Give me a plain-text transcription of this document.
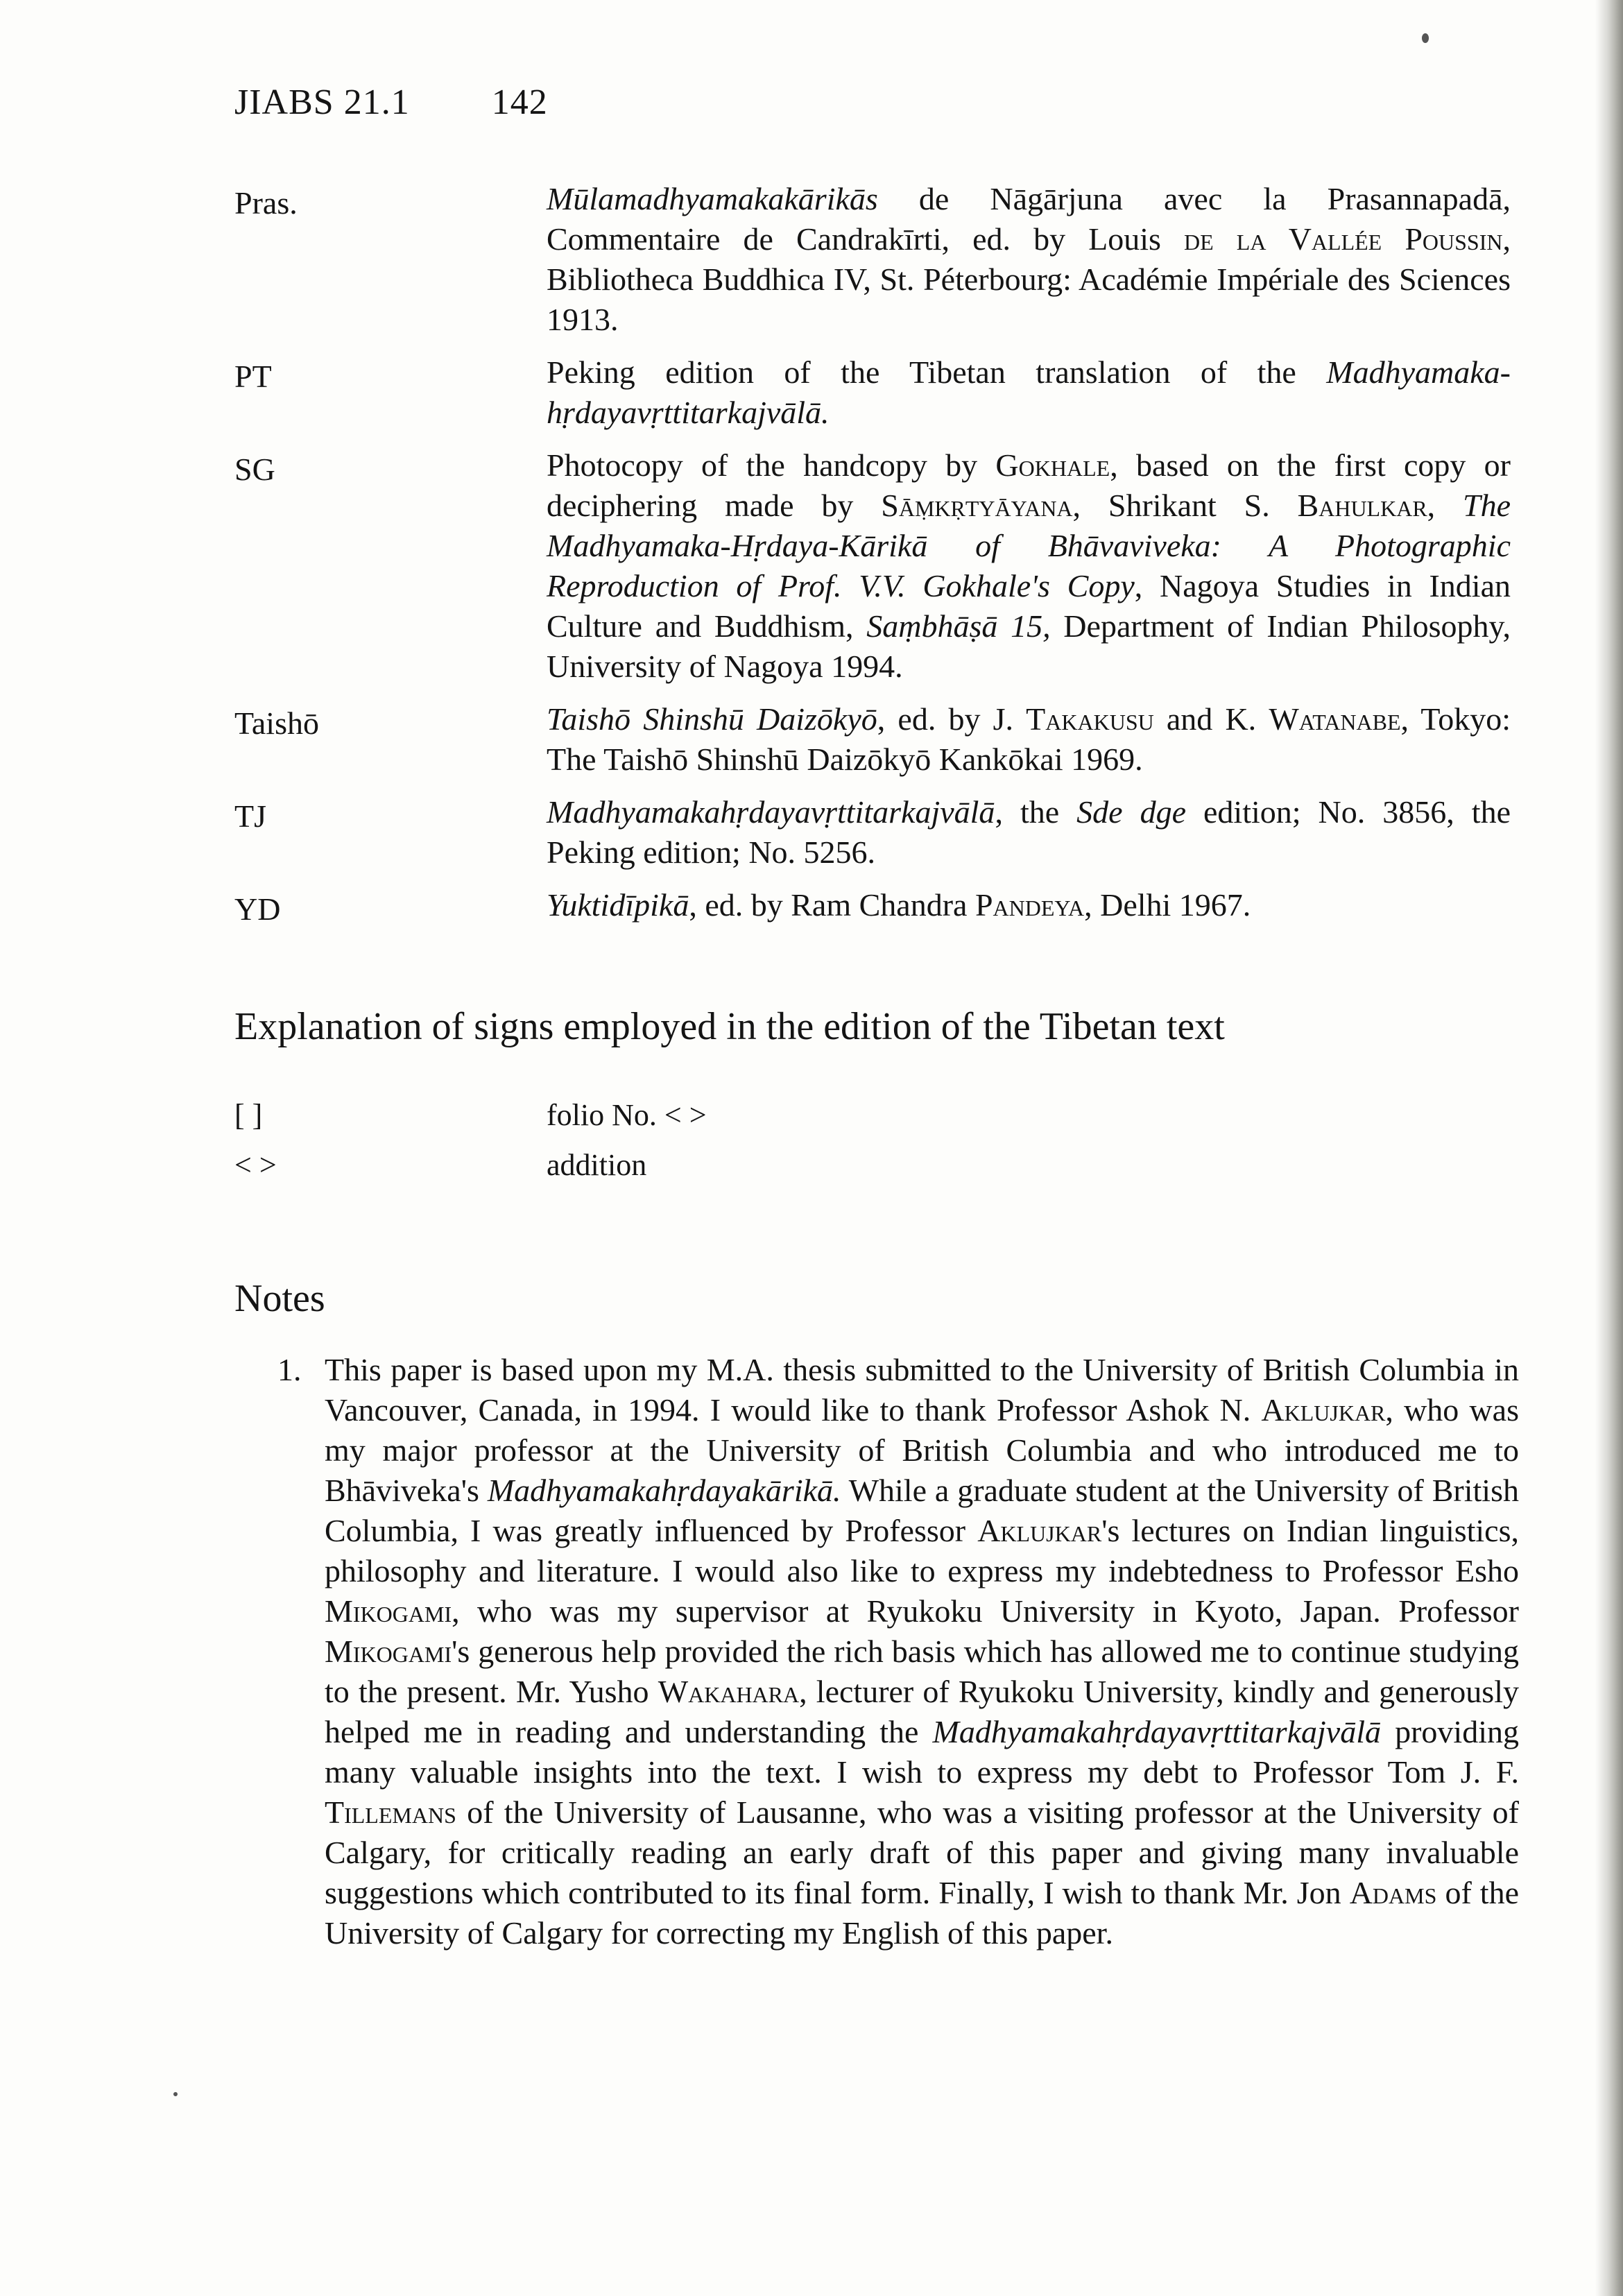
JIABS 21.1 142
Pras.	Mūlamadhyamakakārikās de Nāgārjuna avec la Prasannapadā, Commentaire de Candrakīrti, ed. by Louis de la Vallée Poussin, Bibliotheca Buddhica IV, St. Péterbourg: Académie Impériale des Sciences 1913.
PT	Peking edition of the Tibetan translation of the Madhyamaka-hṛdayavṛttitarkajvālā.
SG	Photocopy of the handcopy by Gokhale, based on the first copy or deciphering made by Sāṃkṛtyāyana, Shrikant S. Bahulkar, The Madhyamaka-Hṛdaya-Kārikā of Bhāvaviveka: A Photographic Reproduction of Prof. V.V. Gokhale's Copy, Nagoya Studies in Indian Culture and Buddhism, Saṃbhāṣā 15, Department of Indian Philosophy, University of Nagoya 1994.
Taishō	Taishō Shinshū Daizōkyō, ed. by J. Takakusu and K. Watanabe, Tokyo: The Taishō Shinshū Daizōkyō Kankōkai 1969.
TJ	Madhyamakahṛdayavṛttitarkajvālā, the Sde dge edition; No. 3856, the Peking edition; No. 5256.
YD	Yuktidīpikā, ed. by Ram Chandra Pandeya, Delhi 1967.
Explanation of signs employed in the edition of the Tibetan text
[ ]	folio No. < >
< >	addition
Notes
1. This paper is based upon my M.A. thesis submitted to the University of British Columbia in Vancouver, Canada, in 1994. I would like to thank Professor Ashok N. Aklujkar, who was my major professor at the University of British Columbia and who introduced me to Bhāviveka's Madhyamakahṛdayakārikā. While a graduate student at the University of British Columbia, I was greatly influenced by Professor Aklujkar's lectures on Indian linguistics, philosophy and literature. I would also like to express my indebtedness to Professor Esho Mikogami, who was my supervisor at Ryukoku University in Kyoto, Japan. Professor Mikogami's generous help provided the rich basis which has allowed me to continue studying to the present. Mr. Yusho Wakahara, lecturer of Ryukoku University, kindly and generously helped me in reading and understanding the Madhyamakahṛdayavṛttitarkajvālā providing many valuable insights into the text. I wish to express my debt to Professor Tom J. F. Tillemans of the University of Lausanne, who was a visiting professor at the University of Calgary, for critically reading an early draft of this paper and giving many invaluable suggestions which contributed to its final form. Finally, I wish to thank Mr. Jon Adams of the University of Calgary for correcting my English of this paper.
